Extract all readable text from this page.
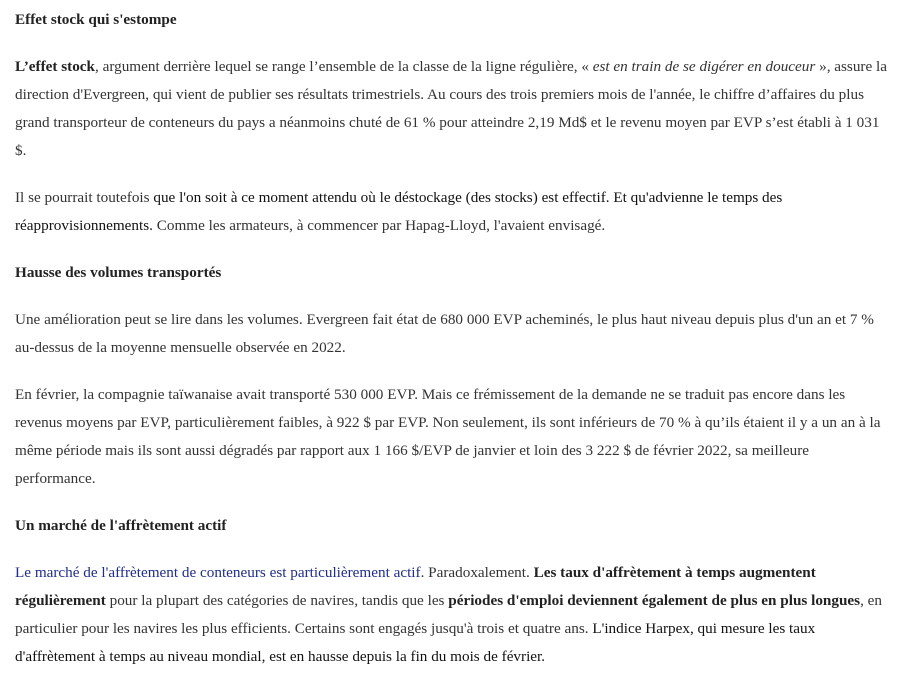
Effet stock qui s'estompe

L’effet stock, argument derrière lequel se range l’ensemble de la classe de la ligne régulière, « est en train de se digérer en douceur », assure la direction d'Evergreen, qui vient de publier ses résultats trimestriels. Au cours des trois premiers mois de l'année, le chiffre d’affaires du plus grand transporteur de conteneurs du pays a néanmoins chuté de 61 % pour atteindre 2,19 Md$ et le revenu moyen par EVP s’est établi à 1 031 $.

Il se pourrait toutefois que l'on soit à ce moment attendu où le déstockage (des stocks) est effectif. Et qu'advienne le temps des réapprovisionnements. Comme les armateurs, à commencer par Hapag-Lloyd, l'avaient envisagé.

Hausse des volumes transportés

Une amélioration peut se lire dans les volumes. Evergreen fait état de 680 000 EVP acheminés, le plus haut niveau depuis plus d'un an et 7 % au-dessus de la moyenne mensuelle observée en 2022.

En février, la compagnie taïwanaise avait transporté 530 000 EVP. Mais ce frémissement de la demande ne se traduit pas encore dans les revenus moyens par EVP, particulièrement faibles, à 922 $ par EVP. Non seulement, ils sont inférieurs de 70 % à qu’ils étaient il y a un an à la même période mais ils sont aussi dégradés par rapport aux 1 166 $/EVP de janvier et loin des 3 222 $ de février 2022, sa meilleure performance.

Un marché de l'affrètement actif

Le marché de l'affrètement de conteneurs est particulièrement actif. Paradoxalement. Les taux d'affrètement à temps augmentent régulièrement pour la plupart des catégories de navires, tandis que les périodes d'emploi deviennent également de plus en plus longues, en particulier pour les navires les plus efficients. Certains sont engagés jusqu'à trois et quatre ans. L'indice Harpex, qui mesure les taux d'affrètement à temps au niveau mondial, est en hausse depuis la fin du mois de février.
